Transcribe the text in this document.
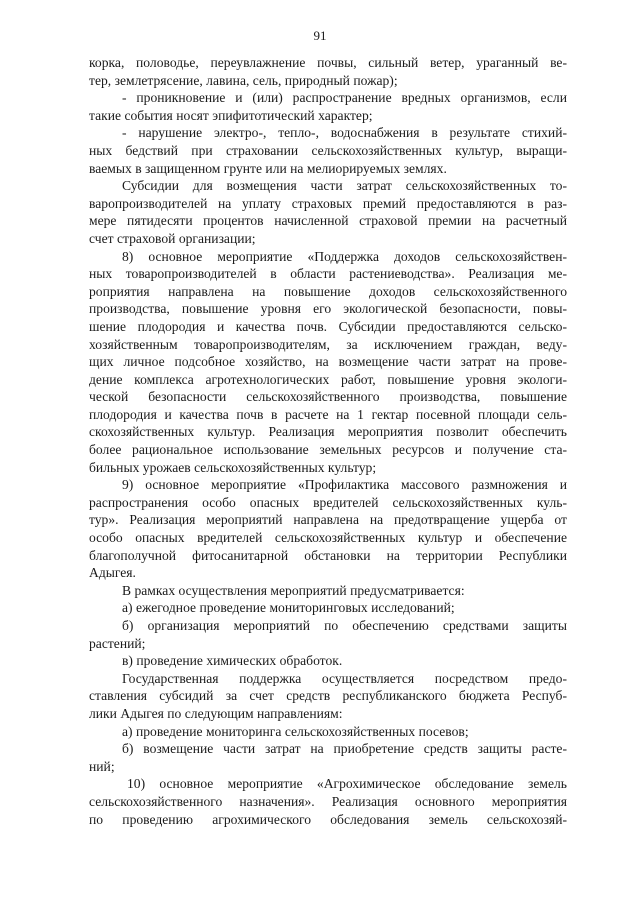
91
корка, половодье, переувлажнение почвы, сильный ветер, ураганный ве-
тер, землетрясение, лавина, сель, природный пожар);
- проникновение и (или) распространение вредных организмов, если
такие события носят эпифитотический характер;
- нарушение электро-, тепло-, водоснабжения в результате стихий-
ных бедствий при страховании сельскохозяйственных культур, выращи-
ваемых в защищенном грунте или на мелиорируемых землях.
Субсидии для возмещения части затрат сельскохозяйственных то-
варопроизводителей на уплату страховых премий предоставляются в раз-
мере пятидесяти процентов начисленной страховой премии на расчетный
счет страховой организации;
8) основное мероприятие «Поддержка доходов сельскохозяйствен-
ных товаропроизводителей в области растениеводства». Реализация ме-
роприятия направлена на повышение доходов сельскохозяйственного
производства, повышение уровня его экологической безопасности, повы-
шение плодородия и качества почв. Субсидии предоставляются сельско-
хозяйственным товаропроизводителям, за исключением граждан, веду-
щих личное подсобное хозяйство, на возмещение части затрат на прове-
дение комплекса агротехнологических работ, повышение уровня экологи-
ческой безопасности сельскохозяйственного производства, повышение
плодородия и качества почв в расчете на 1 гектар посевной площади сель-
скохозяйственных культур. Реализация мероприятия позволит обеспечить
более рациональное использование земельных ресурсов и получение ста-
бильных урожаев сельскохозяйственных культур;
9) основное мероприятие «Профилактика массового размножения и
распространения особо опасных вредителей сельскохозяйственных куль-
тур». Реализация мероприятий направлена на предотвращение ущерба от
особо опасных вредителей сельскохозяйственных культур и обеспечение
благополучной фитосанитарной обстановки на территории Республики
Адыгея.
В рамках осуществления мероприятий предусматривается:
а) ежегодное проведение мониторинговых исследований;
б) организация мероприятий по обеспечению средствами защиты
растений;
в) проведение химических обработок.
Государственная поддержка осуществляется посредством предо-
ставления субсидий за счет средств республиканского бюджета Респуб-
лики Адыгея по следующим направлениям:
а) проведение мониторинга сельскохозяйственных посевов;
б) возмещение части затрат на приобретение средств защиты расте-
ний;
10) основное мероприятие «Агрохимическое обследование земель
сельскохозяйственного назначения». Реализация основного мероприятия
по проведению агрохимического обследования земель сельскохозяй-
